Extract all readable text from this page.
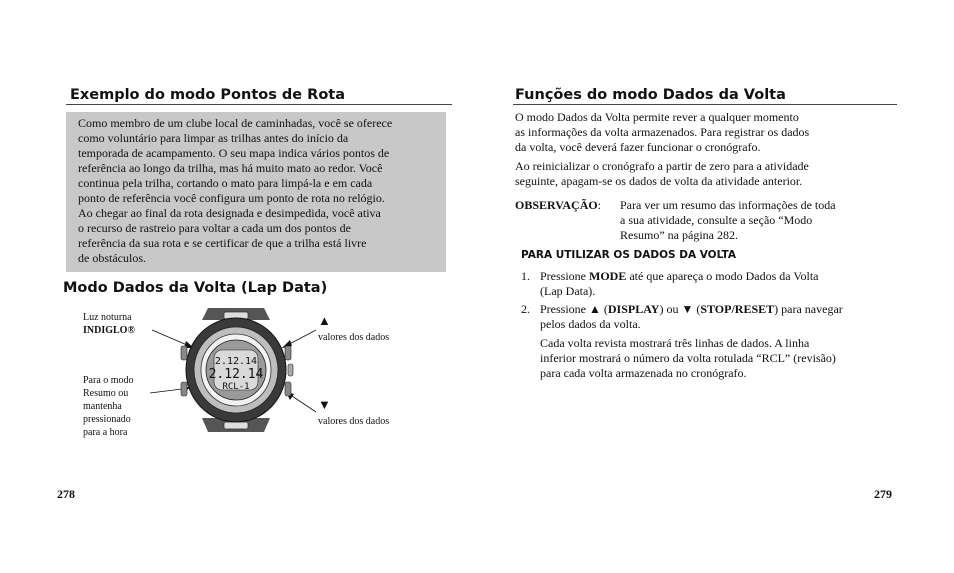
Exemplo do modo Pontos de Rota

Como membro de um clube local de caminhadas, você se oferece

como voluntário para limpar as trilhas antes do início da

temporada de acampamento. O seu mapa indica vários pontos de

referência ao longo da trilha, mas há muito mato ao redor. Você

continua pela trilha, cortando o mato para limpá-la e em cada

ponto de referência você configura um ponto de rota no relógio.

Ao chegar ao final da rota designada e desimpedida, você ativa

o recurso de rastreio para voltar a cada um dos pontos de

referência da sua rota e se certificar de que a trilha está livre

de obstáculos.

Modo Dados da Volta (Lap Data)
Luz noturna
INDIGLO®
Para o modo
Resumo ou
mantenha
pressionado
para a hora
▲
valores dos dados
▼
valores dos dados
2.12.14
2.12.14
RCL-1
278
Funções do modo Dados da Volta
O modo Dados da Volta permite rever a qualquer momento
as informações da volta armazenados. Para registrar os dados
da volta, você deverá fazer funcionar o cronógrafo.
Ao reinicializar o cronógrafo a partir de zero para a atividade
seguinte, apagam-se os dados de volta da atividade anterior.
OBSERVAÇÃO: Para ver um resumo das informações de toda
a sua atividade, consulte a seção “Modo
Resumo” na página 282.
PARA UTILIZAR OS DADOS DA VOLTA
1. Pressione MODE até que apareça o modo Dados da Volta
(Lap Data).
2. Pressione ▲ (DISPLAY) ou ▼ (STOP/RESET) para navegar
pelos dados da volta.
Cada volta revista mostrará três linhas de dados. A linha
inferior mostrará o número da volta rotulada “RCL” (revisão)
para cada volta armazenada no cronógrafo.
279
